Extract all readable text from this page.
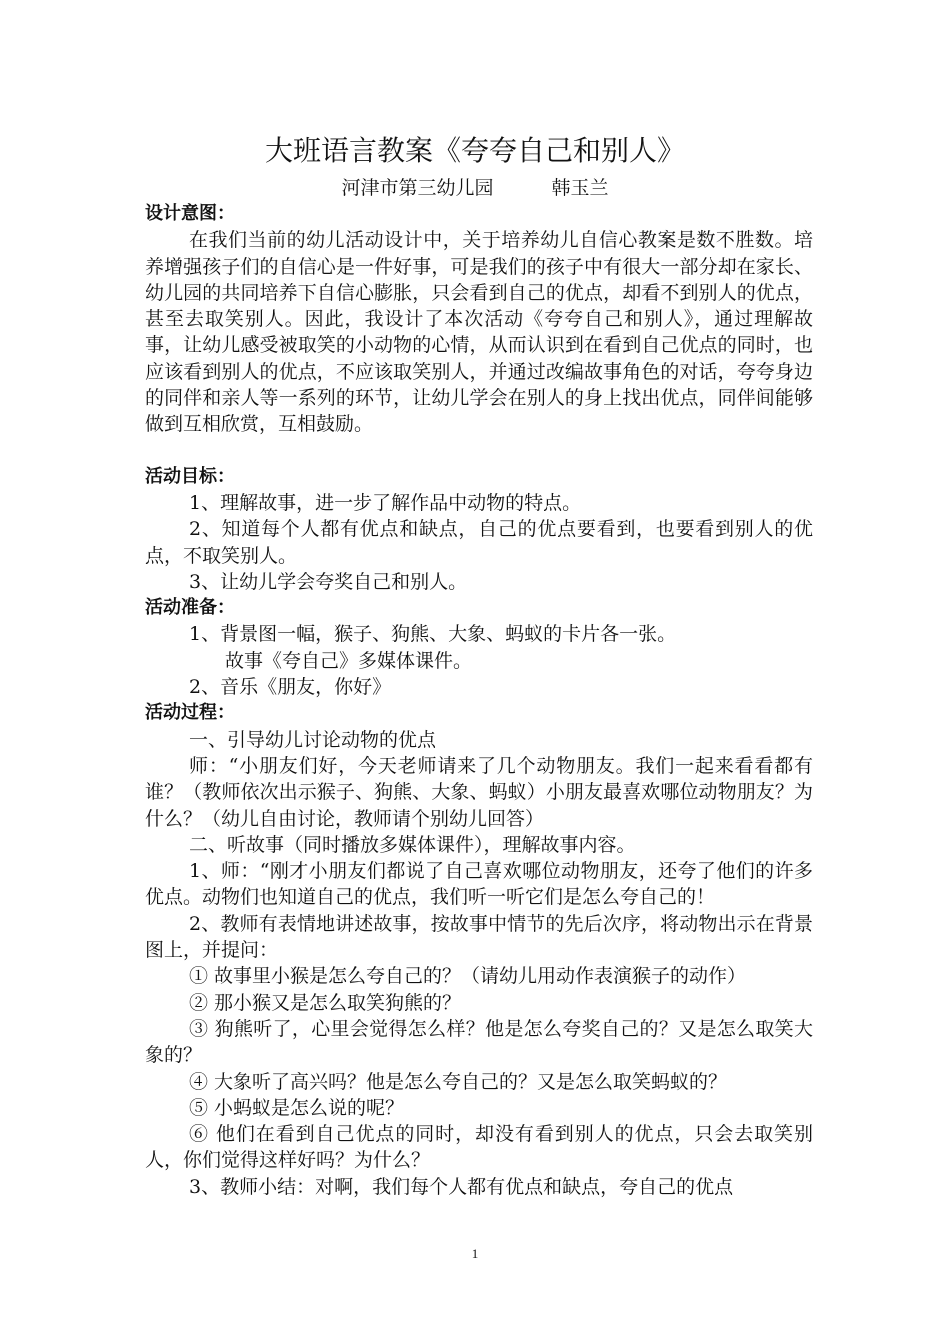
大班语言教案《夸夸自己和别人》
河津市第三幼儿园	韩玉兰
设计意图：
在我们当前的幼儿活动设计中，关于培养幼儿自信心教案是数不胜数。培养增强孩子们的自信心是一件好事，可是我们的孩子中有很大一部分却在家长、幼儿园的共同培养下自信心膨胀，只会看到自己的优点，却看不到别人的优点，甚至去取笑别人。因此，我设计了本次活动《夸夸自己和别人》，通过理解故事，让幼儿感受被取笑的小动物的心情，从而认识到在看到自己优点的同时，也应该看到别人的优点，不应该取笑别人，并通过改编故事角色的对话，夸夸身边的同伴和亲人等一系列的环节，让幼儿学会在别人的身上找出优点，同伴间能够做到互相欣赏，互相鼓励。
活动目标：
1、理解故事，进一步了解作品中动物的特点。
2、知道每个人都有优点和缺点，自己的优点要看到，也要看到别人的优点，不取笑别人。
3、让幼儿学会夸奖自己和别人。
活动准备：
1、背景图一幅，猴子、狗熊、大象、蚂蚁的卡片各一张。
故事《夸自己》多媒体课件。
2、音乐《朋友，你好》
活动过程：
一、引导幼儿讨论动物的优点
师：“小朋友们好，今天老师请来了几个动物朋友。我们一起来看看都有谁？（教师依次出示猴子、狗熊、大象、蚂蚁）小朋友最喜欢哪位动物朋友？为什么？（幼儿自由讨论，教师请个别幼儿回答）
二、听故事（同时播放多媒体课件），理解故事内容。
1、师：“刚才小朋友们都说了自己喜欢哪位动物朋友，还夸了他们的许多优点。动物们也知道自己的优点，我们听一听它们是怎么夸自己的！
2、教师有表情地讲述故事，按故事中情节的先后次序，将动物出示在背景图上，并提问：
① 故事里小猴是怎么夸自己的？（请幼儿用动作表演猴子的动作）
② 那小猴又是怎么取笑狗熊的？
③ 狗熊听了，心里会觉得怎么样？他是怎么夸奖自己的？又是怎么取笑大象的？
④ 大象听了高兴吗？他是怎么夸自己的？又是怎么取笑蚂蚁的？
⑤ 小蚂蚁是怎么说的呢？
⑥ 他们在看到自己优点的同时，却没有看到别人的优点，只会去取笑别人，你们觉得这样好吗？为什么？
3、教师小结：对啊，我们每个人都有优点和缺点，夸自己的优点
1
